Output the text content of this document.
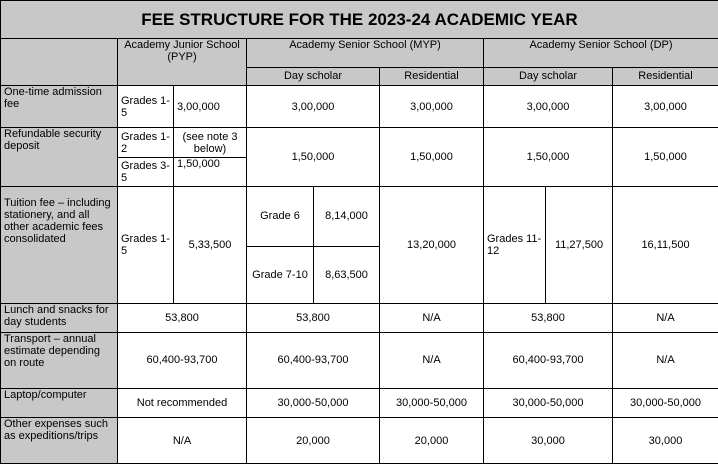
FEE STRUCTURE FOR THE 2023-24 ACADEMIC YEAR								
	Academy Junior School (PYP)		Academy Senior School (MYP)			Academy Senior School (DP)		
			Day scholar		Residential	Day scholar		Residential
One-time admission fee	Grades 1-5	3,00,000	3,00,000		3,00,000	3,00,000		3,00,000
Refundable security deposit	Grades 1-2	(see note 3 below)	1,50,000		1,50,000	1,50,000		1,50,000
	Grades 3-5	1,50,000						
Tuition fee – including stationery, and all other academic fees consolidated	Grades 1-5	5,33,500	Grade 6	8,14,000	13,20,000	Grades 11-12	11,27,500	16,11,500
			Grade 7-10	8,63,500				
Lunch and snacks for day students	53,800		53,800		N/A	53,800		N/A
Transport – annual estimate depending on route	60,400-93,700		60,400-93,700		N/A	60,400-93,700		N/A
Laptop/computer	Not recommended		30,000-50,000		30,000-50,000	30,000-50,000		30,000-50,000
Other expenses such as expeditions/trips	N/A		20,000		20,000	30,000		30,000
